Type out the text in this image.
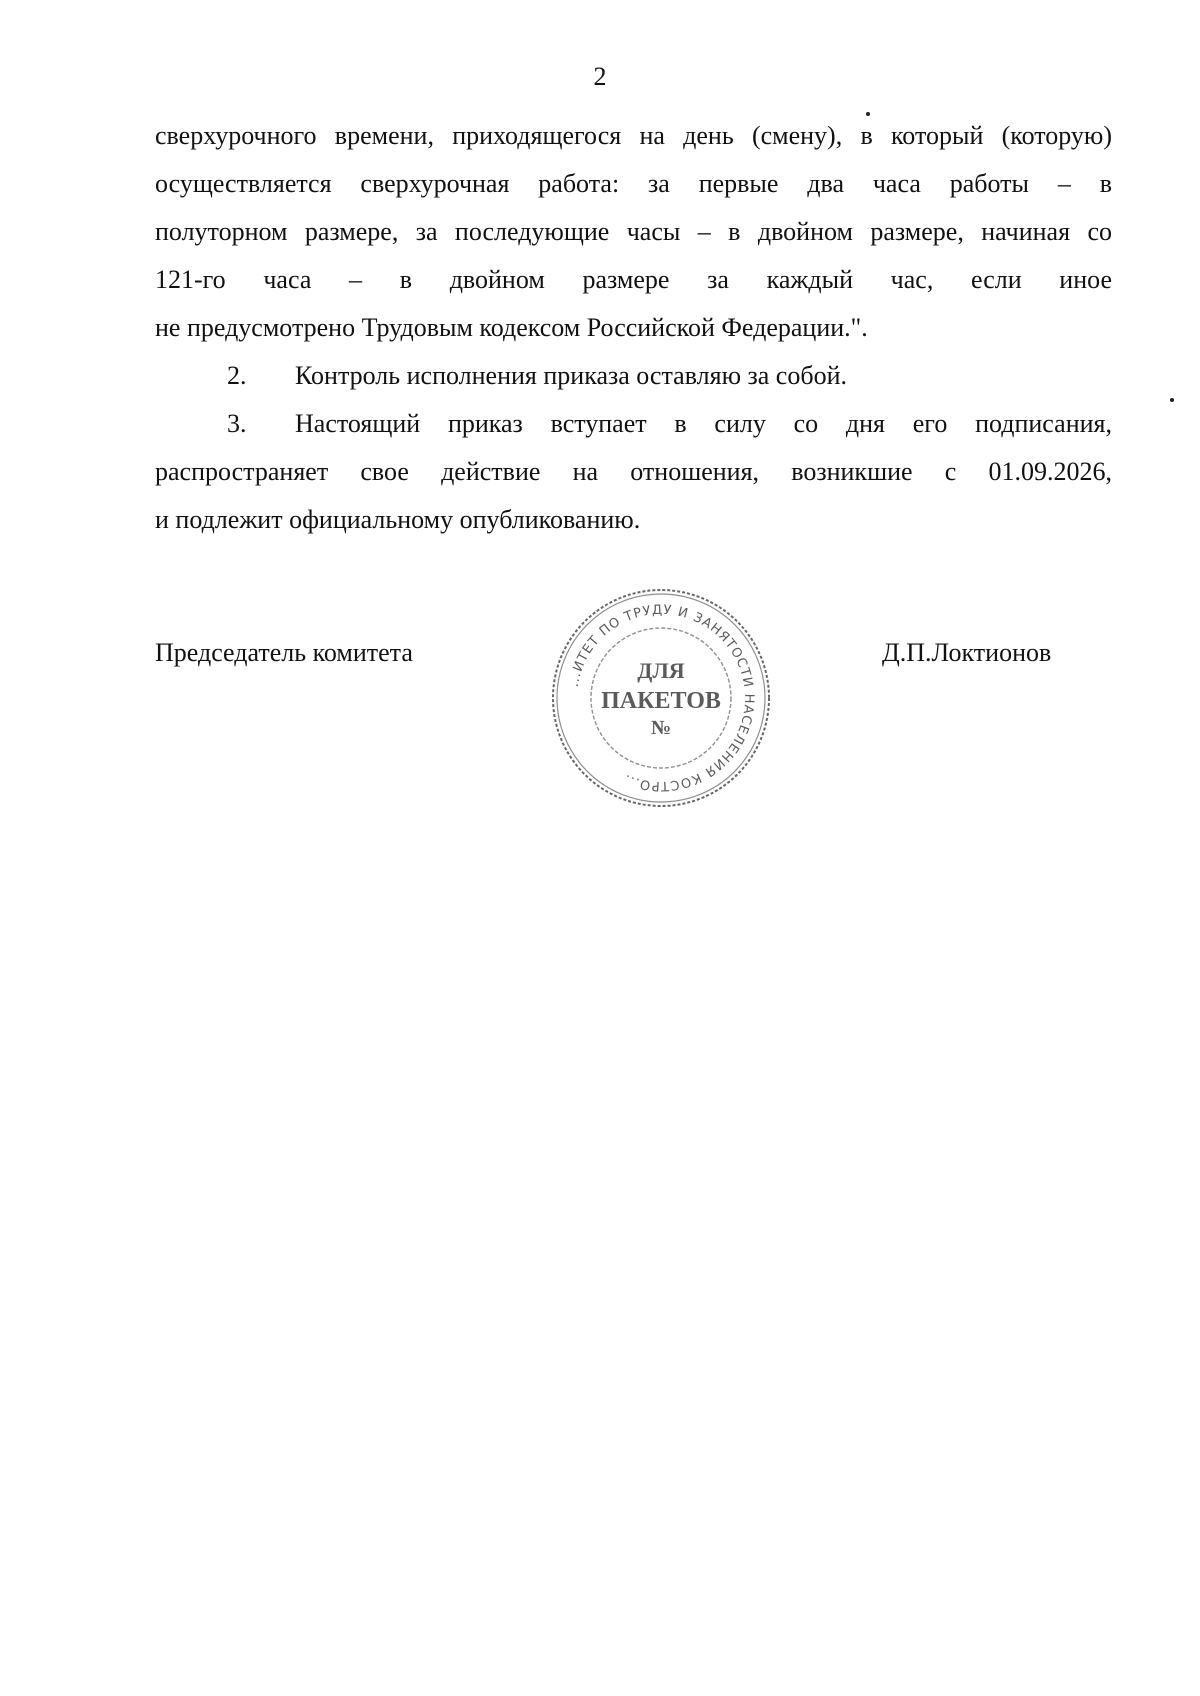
2

сверхурочного времени, приходящегося на день (смену), в который (которую)
осуществляется сверхурочная работа: за первые два часа работы – в
полуторном размере, за последующие часы – в двойном размере, начиная со
121-го часа – в двойном размере за каждый час, если иное
не предусмотрено Трудовым кодексом Российской Федерации.".

2. Контроль исполнения приказа оставляю за собой.

3. Настоящий приказ вступает в силу со дня его подписания,
распространяет свое действие на отношения, возникшие с 01.09.2026,
и подлежит официальному опубликованию.

Председатель комитета	Д.П.Локтионов
...ИТЕТ ПО ТРУДУ И ЗАНЯТОСТИ НАСЕЛЕНИЯ КОСТРО...
ДЛЯ
ПАКЕТОВ
№
